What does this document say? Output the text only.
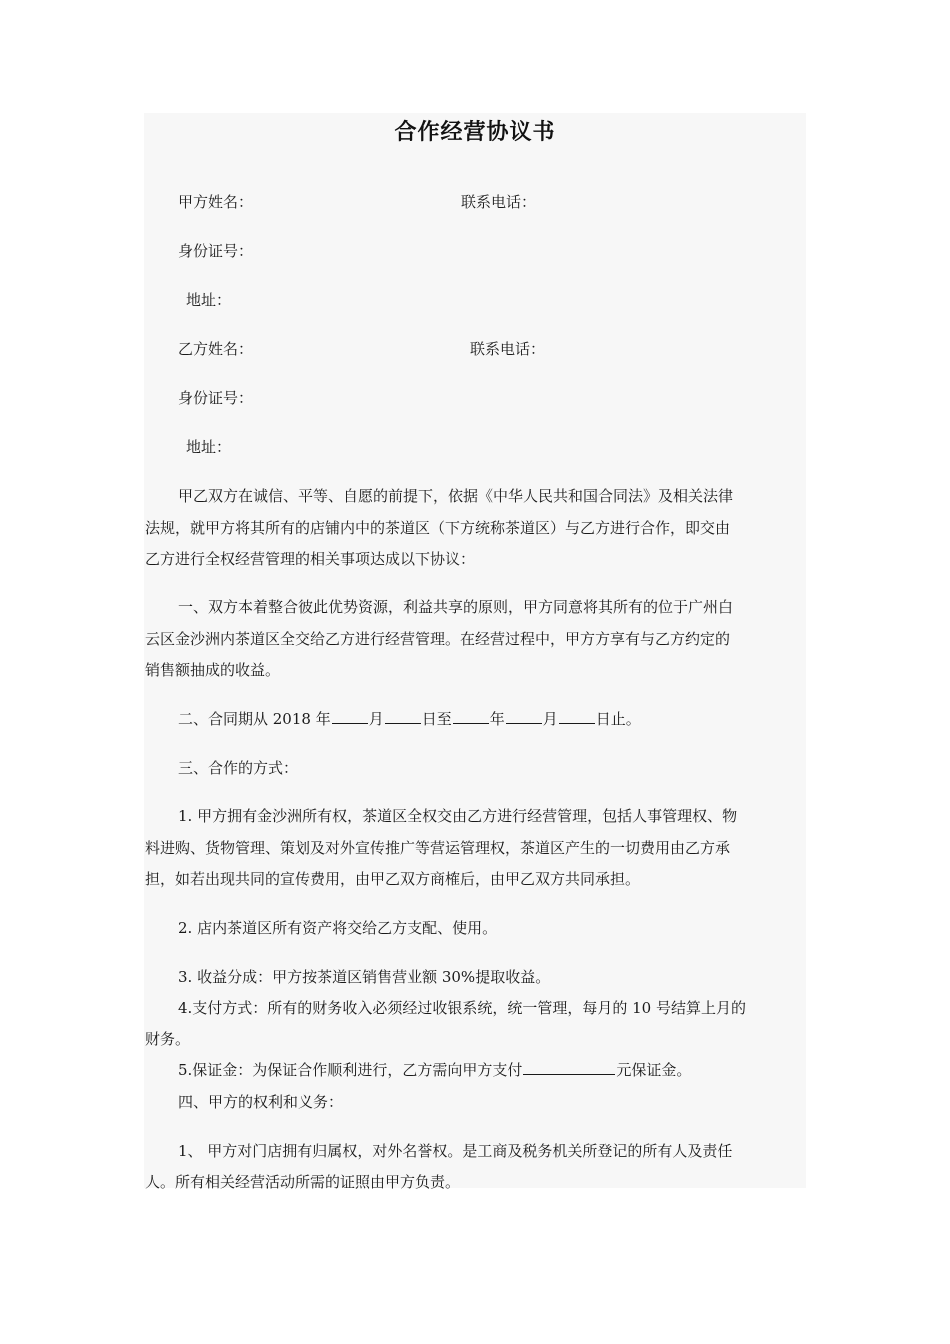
合作经营协议书
甲方姓名：	联系电话：
身份证号：
地址：
乙方姓名：	联系电话：
身份证号：
地址：
甲乙双方在诚信、平等、自愿的前提下，依据《中华人民共和国合同法》及相关法律
法规，就甲方将其所有的店铺内中的茶道区（下方统称茶道区）与乙方进行合作，即交由
乙方进行全权经营管理的相关事项达成以下协议：
一、双方本着整合彼此优势资源，利益共享的原则，甲方同意将其所有的位于广州白
云区金沙洲内茶道区全交给乙方进行经营管理。在经营过程中，甲方方享有与乙方约定的
销售额抽成的收益。
二、合同期从 2018 年	月	日至	年	月	日止。
三、合作的方式：
1. 甲方拥有金沙洲所有权，茶道区全权交由乙方进行经营管理，包括人事管理权、物
料进购、货物管理、策划及对外宣传推广等营运管理权，茶道区产生的一切费用由乙方承
担，如若出现共同的宣传费用，由甲乙双方商榷后，由甲乙双方共同承担。
2. 店内茶道区所有资产将交给乙方支配、使用。
3. 收益分成：甲方按茶道区销售营业额 30%提取收益。
4.支付方式：所有的财务收入必须经过收银系统，统一管理，每月的 10 号结算上月的
财务。
5.保证金：为保证合作顺利进行，乙方需向甲方支付	元保证金。
四、甲方的权利和义务：
1、 甲方对门店拥有归属权，对外名誉权。是工商及税务机关所登记的所有人及责任
人。所有相关经营活动所需的证照由甲方负责。
